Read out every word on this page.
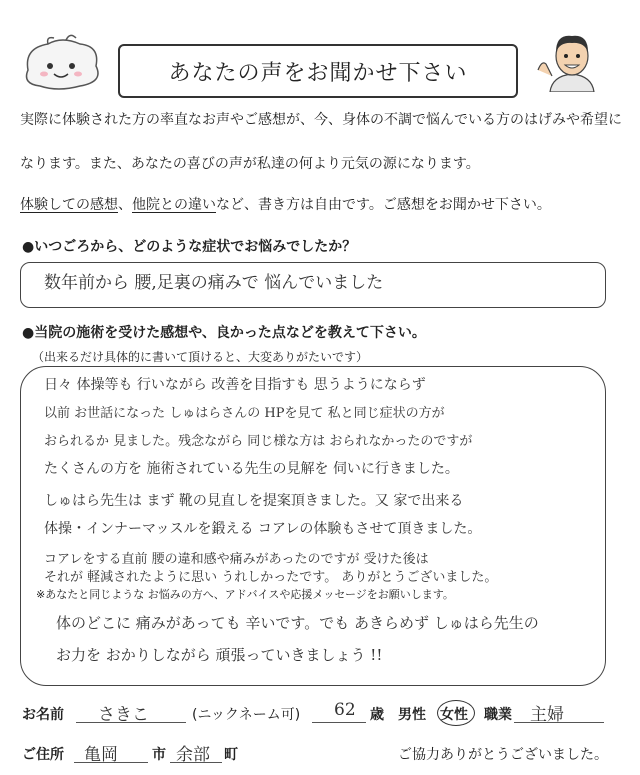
あなたの声をお聞かせ下さい
実際に体験された方の率直なお声やご感想が、今、身体の不調で悩んでいる方のはげみや希望に
なります。また、あなたの喜びの声が私達の何より元気の源になります。
体験しての感想、他院との違いなど、書き方は自由です。ご感想をお聞かせ下さい。
●いつごろから、どのような症状でお悩みでしたか？
数年前から 腰,足裏の痛みで 悩んでいました
●当院の施術を受けた感想や、良かった点などを教えて下さい。
（出来るだけ具体的に書いて頂けると、大変ありがたいです）
日々 体操等も 行いながら 改善を目指すも 思うようにならず
以前 お世話になった しゅはらさんの HPを見て 私と同じ症状の方が
おられるか 見ました。残念ながら 同じ様な方は おられなかったのですが
たくさんの方を 施術されている先生の見解を 伺いに行きました。
しゅはら先生は まず 靴の見直しを提案頂きました。又 家で出来る
体操・インナーマッスルを鍛える コアレの体験もさせて頂きました。
コアレをする直前 腰の違和感や痛みがあったのですが 受けた後は
それが 軽減されたように思い うれしかったです。 ありがとうございました。
※あなたと同じような お悩みの方へ、アドバイスや応援メッセージをお願いします。
体のどこに 痛みがあっても 辛いです。でも あきらめず しゅはら先生の
お力を おかりしながら 頑張っていきましょう !!
お名前 さきこ	(ニックネーム可) 62 歳 男性 女性 職業 主婦
ご住所 亀岡 市 余部 町	ご協力ありがとうございました。
